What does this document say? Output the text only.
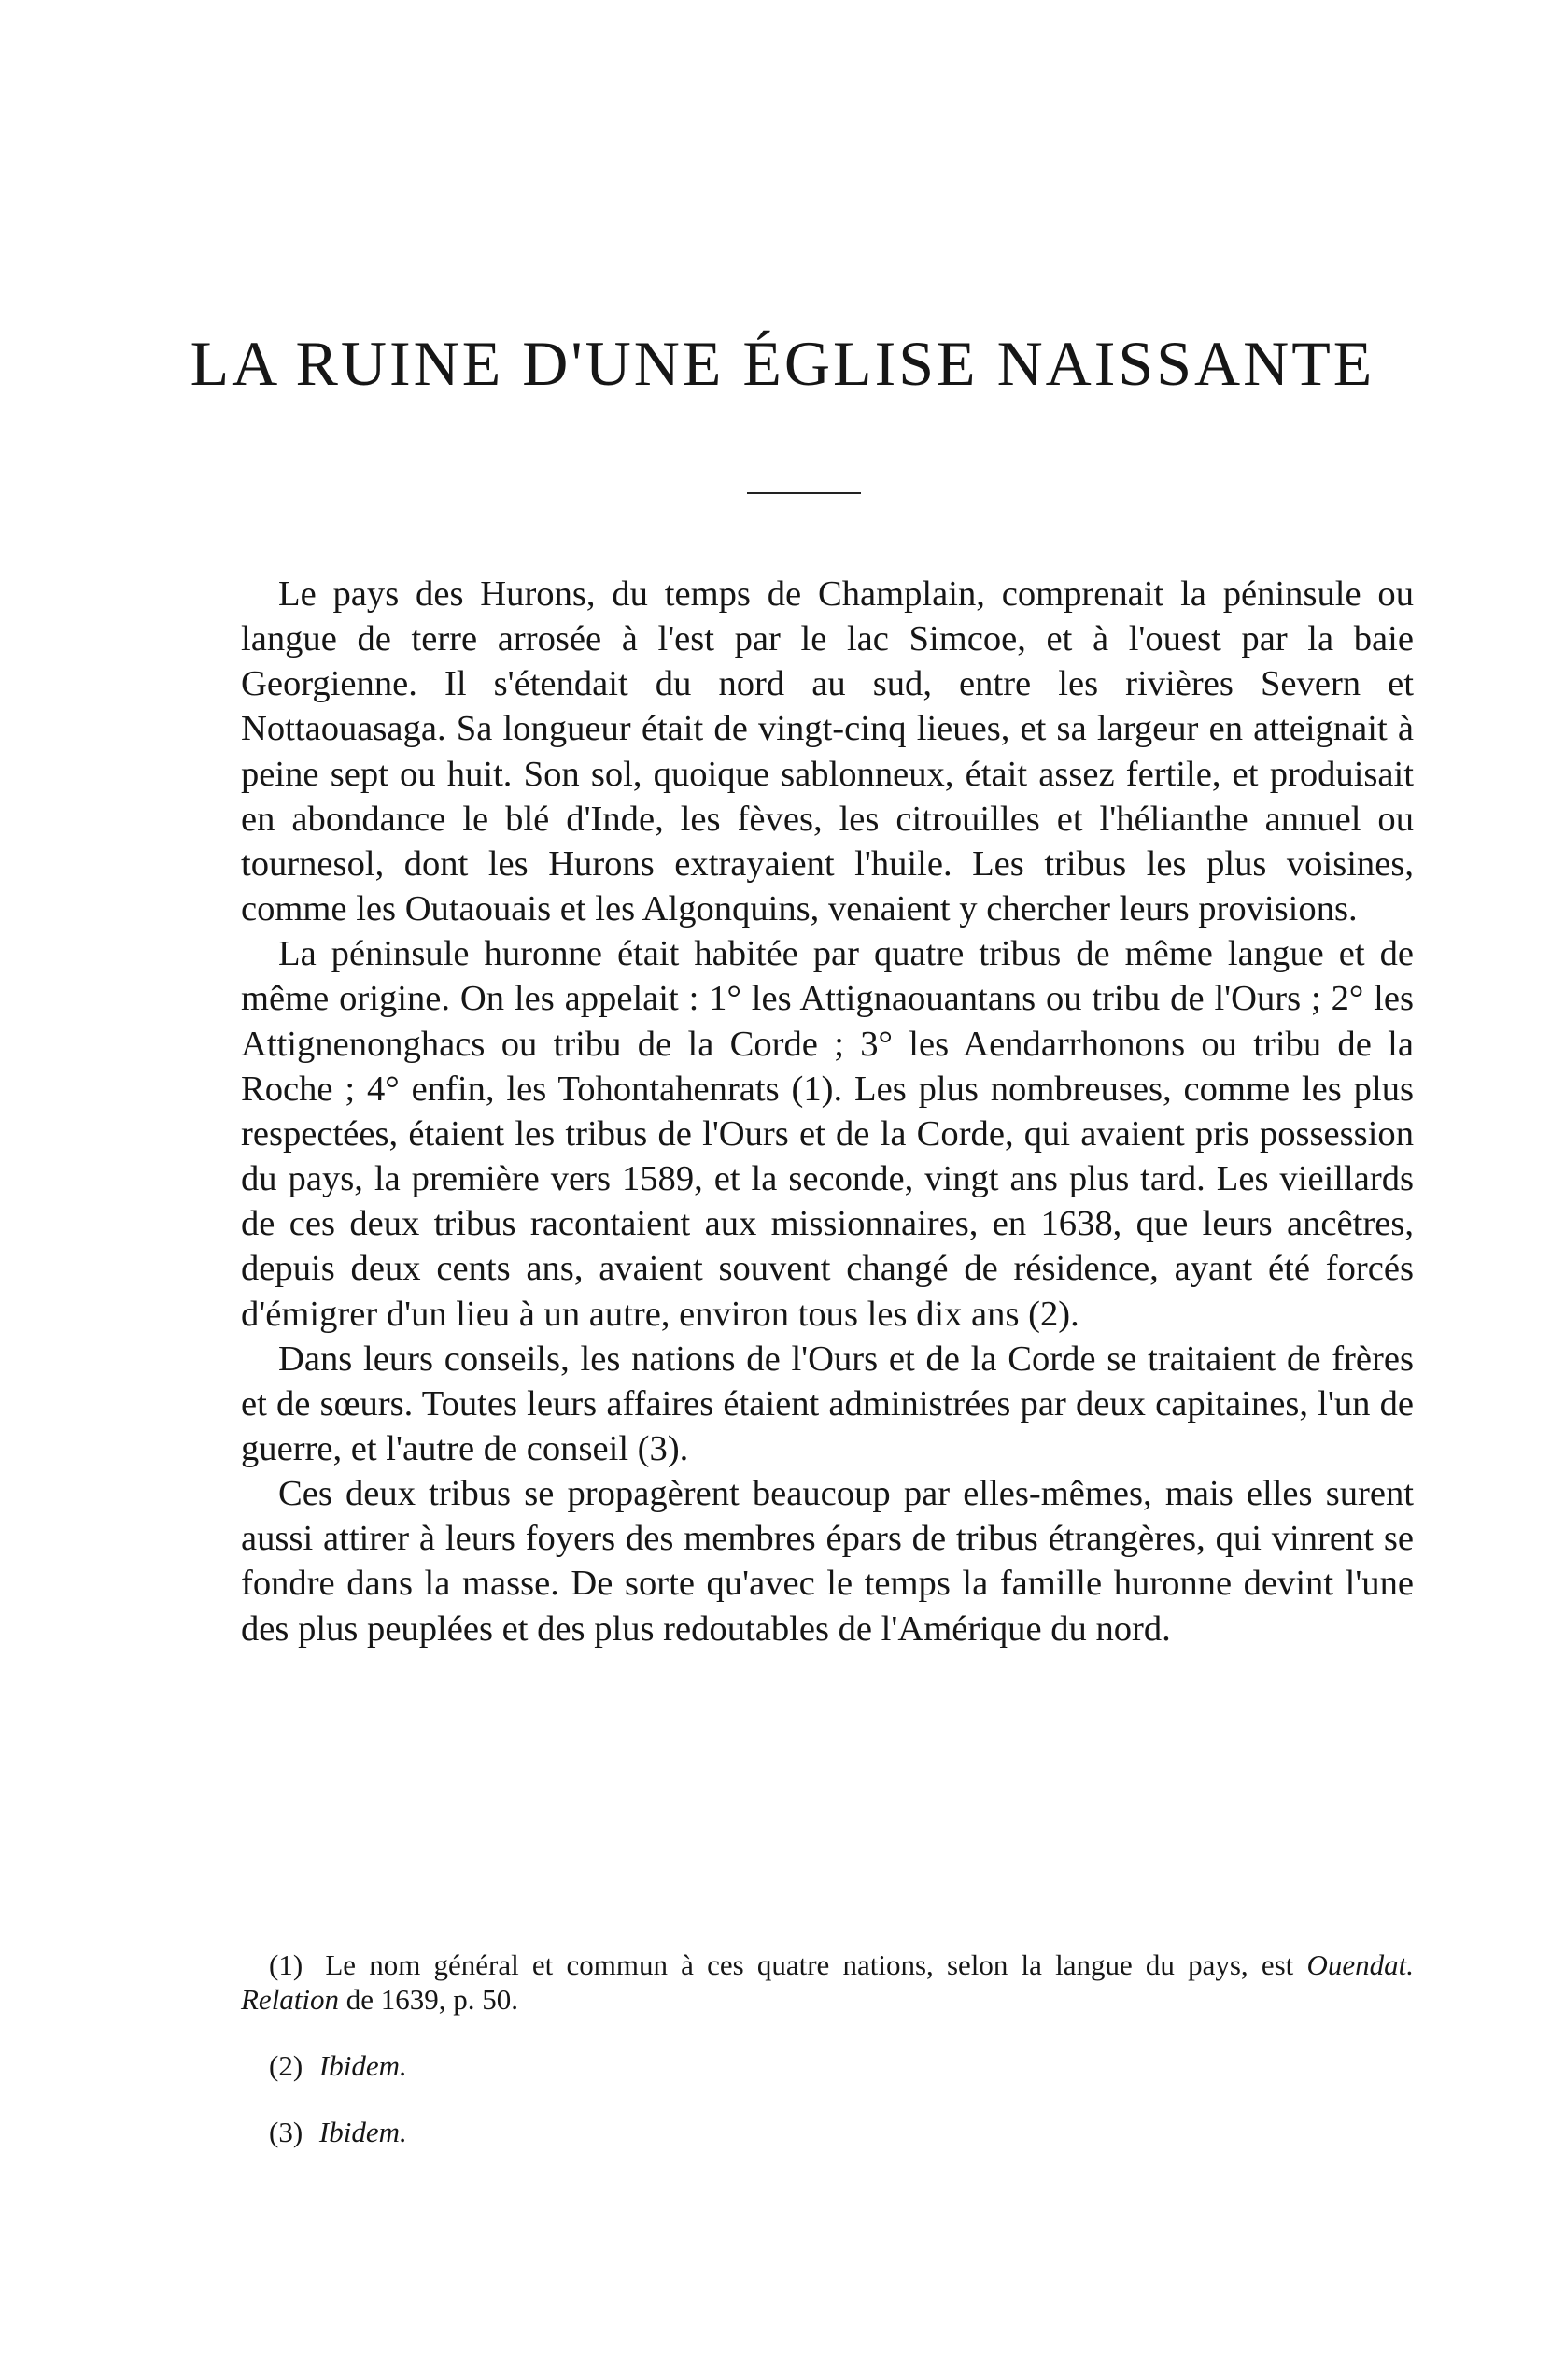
LA RUINE D'UNE ÉGLISE NAISSANTE

Le pays des Hurons, du temps de Champlain, comprenait la péninsule ou langue de terre arrosée à l'est par le lac Simcoe, et à l'ouest par la baie Georgienne. Il s'étendait du nord au sud, entre les rivières Severn et Nottaouasaga. Sa longueur était de vingt-cinq lieues, et sa largeur en atteignait à peine sept ou huit. Son sol, quoique sablonneux, était assez fertile, et produisait en abondance le blé d'Inde, les fèves, les citrouilles et l'hélianthe annuel ou tournesol, dont les Hurons extrayaient l'huile. Les tribus les plus voisines, comme les Outaouais et les Algonquins, venaient y chercher leurs provisions.

La péninsule huronne était habitée par quatre tribus de même langue et de même origine. On les appelait : 1° les Attignaouantans ou tribu de l'Ours ; 2° les Attignenonghacs ou tribu de la Corde ; 3° les Aendarrhonons ou tribu de la Roche ; 4° enfin, les Tohontahenrats (1). Les plus nombreuses, comme les plus respectées, étaient les tribus de l'Ours et de la Corde, qui avaient pris possession du pays, la première vers 1589, et la seconde, vingt ans plus tard. Les vieillards de ces deux tribus racontaient aux missionnaires, en 1638, que leurs ancêtres, depuis deux cents ans, avaient souvent changé de résidence, ayant été forcés d'émigrer d'un lieu à un autre, environ tous les dix ans (2).

Dans leurs conseils, les nations de l'Ours et de la Corde se traitaient de frères et de sœurs. Toutes leurs affaires étaient administrées par deux capitaines, l'un de guerre, et l'autre de conseil (3).

Ces deux tribus se propagèrent beaucoup par elles-mêmes, mais elles surent aussi attirer à leurs foyers des membres épars de tribus étrangères, qui vinrent se fondre dans la masse. De sorte qu'avec le temps la famille huronne devint l'une des plus peuplées et des plus redoutables de l'Amérique du nord.

(1) Le nom général et commun à ces quatre nations, selon la langue du pays, est Ouendat. Relation de 1639, p. 50.

(2) Ibidem.

(3) Ibidem.
